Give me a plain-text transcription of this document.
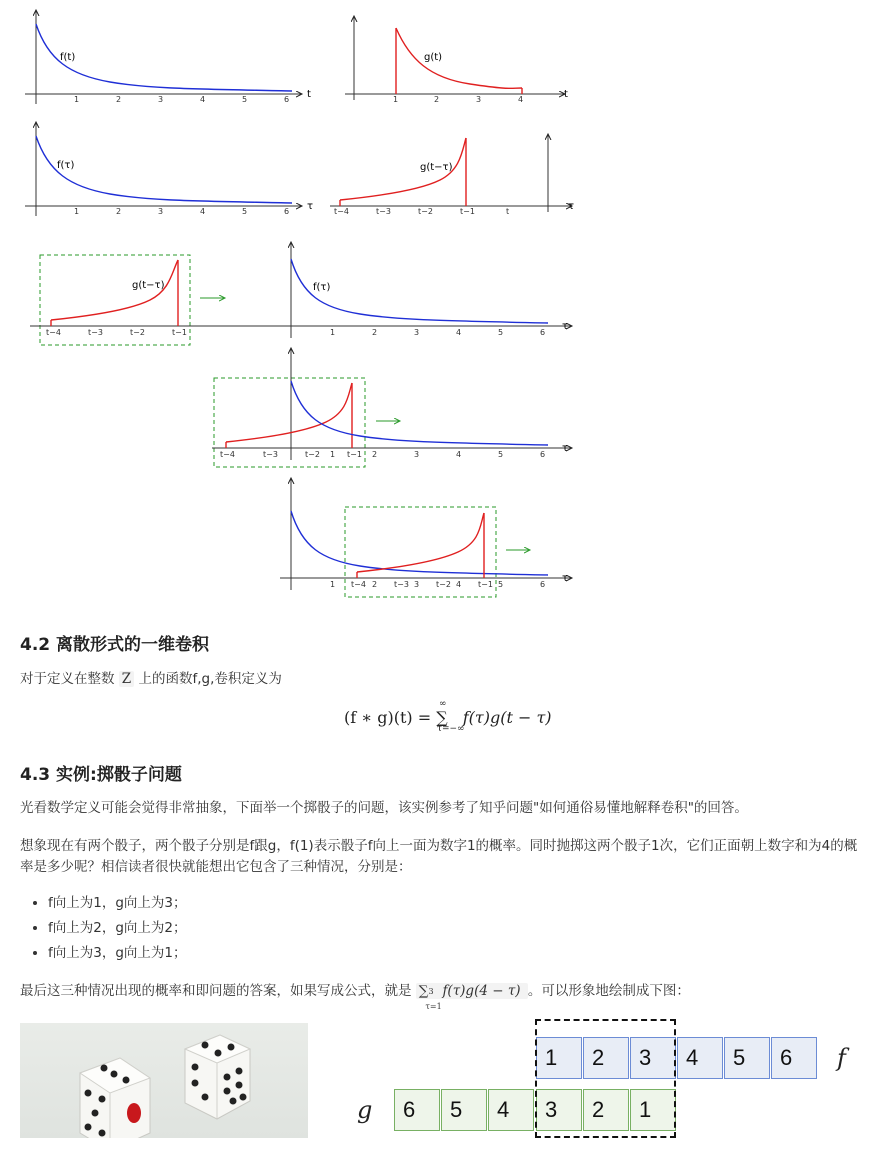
f(t)
t
1	2	3	4	5	6
g(t)
t
1	2	3	4
f(τ)
τ
1	2	3	4	5	6
g(t−τ)
τ
t−4	t−3	t−2	t−1	t
g(t−τ)	f(τ)
τ
t−4	t−3	t−2	t−1	1	2	3	4	5	6
τ
t−4	t−3	t−2	t−1
1	2	3	4	5	6
τ
t−4	t−3	t−2	t−1
1	2	3	4	5	6
4.2 离散形式的一维卷积
对于定义在整数 Z 上的函数f,g,卷积定义为
(f ∗ g)(t) = ∑
∞
τ=−∞
f(τ)g(t − τ)
4.3 实例:掷骰子问题
光看数学定义可能会觉得非常抽象，下面举一个掷骰子的问题，该实例参考了知乎问题"如何通俗易懂地解释卷积"的回答。
想象现在有两个骰子，两个骰子分别是f跟g，f(1)表示骰子f向上一面为数字1的概率。同时抛掷这两个骰子1次，它们正面朝上数字和为4的概率是多少呢？相信读者很快就能想出它包含了三种情况，分别是：
• f向上为1，g向上为3；
• f向上为2，g向上为2；
• f向上为3，g向上为1；
最后这三种情况出现的概率和即问题的答案，如果写成公式，就是 ∑ 3
τ=1
f(τ)g(4 − τ) 。可以形象地绘制成下图：
1	2	3	4	5	6	f
6	5	4	3	2	1
g
